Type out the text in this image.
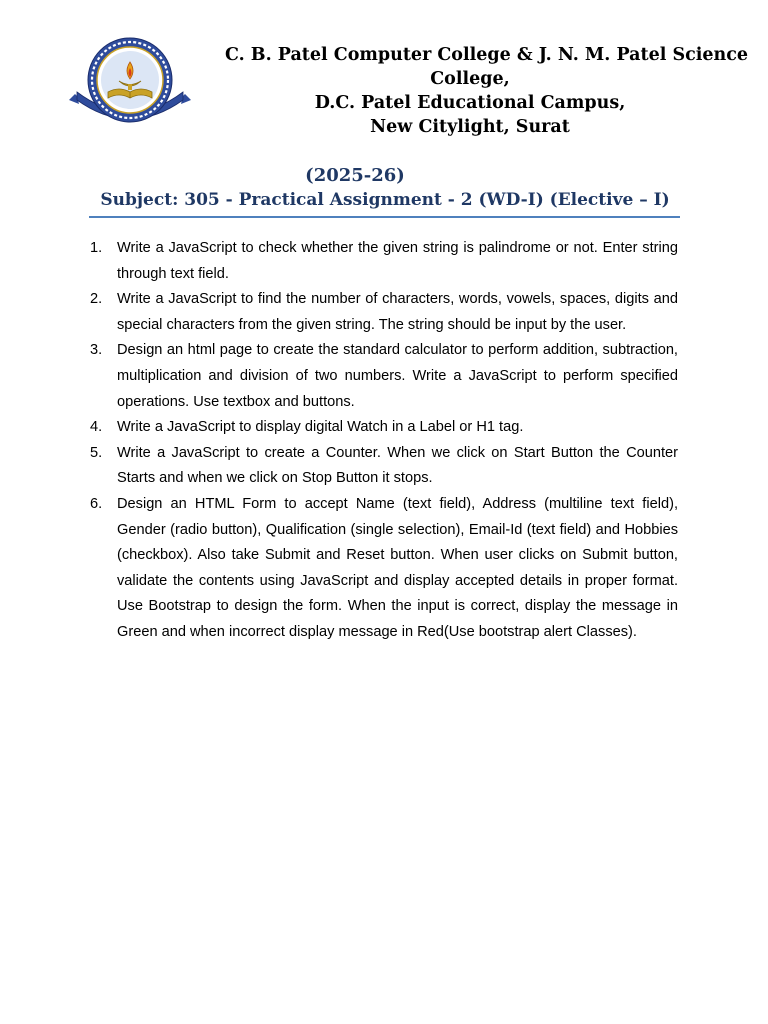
C. B. Patel Computer College & J. N. M. Patel Science
College,
D.C. Patel Educational Campus,
New Citylight, Surat
(2025-26)
Subject: 305 - Practical Assignment - 2 (WD-I) (Elective – I)
1. Write a JavaScript to check whether the given string is palindrome or not. Enter string through text field.
2. Write a JavaScript to find the number of characters, words, vowels, spaces, digits and special characters from the given string. The string should be input by the user.
3. Design an html page to create the standard calculator to perform addition, subtraction, multiplication and division of two numbers. Write a JavaScript to perform specified operations. Use textbox and buttons.
4. Write a JavaScript to display digital Watch in a Label or H1 tag.
5. Write a JavaScript to create a Counter. When we click on Start Button the Counter Starts and when we click on Stop Button it stops.
6. Design an HTML Form to accept Name (text field), Address (multiline text field), Gender (radio button), Qualification (single selection), Email-Id (text field) and Hobbies (checkbox). Also take Submit and Reset button. When user clicks on Submit button, validate the contents using JavaScript and display accepted details in proper format. Use Bootstrap to design the form. When the input is correct, display the message in Green and when incorrect display message in Red(Use bootstrap alert Classes).
